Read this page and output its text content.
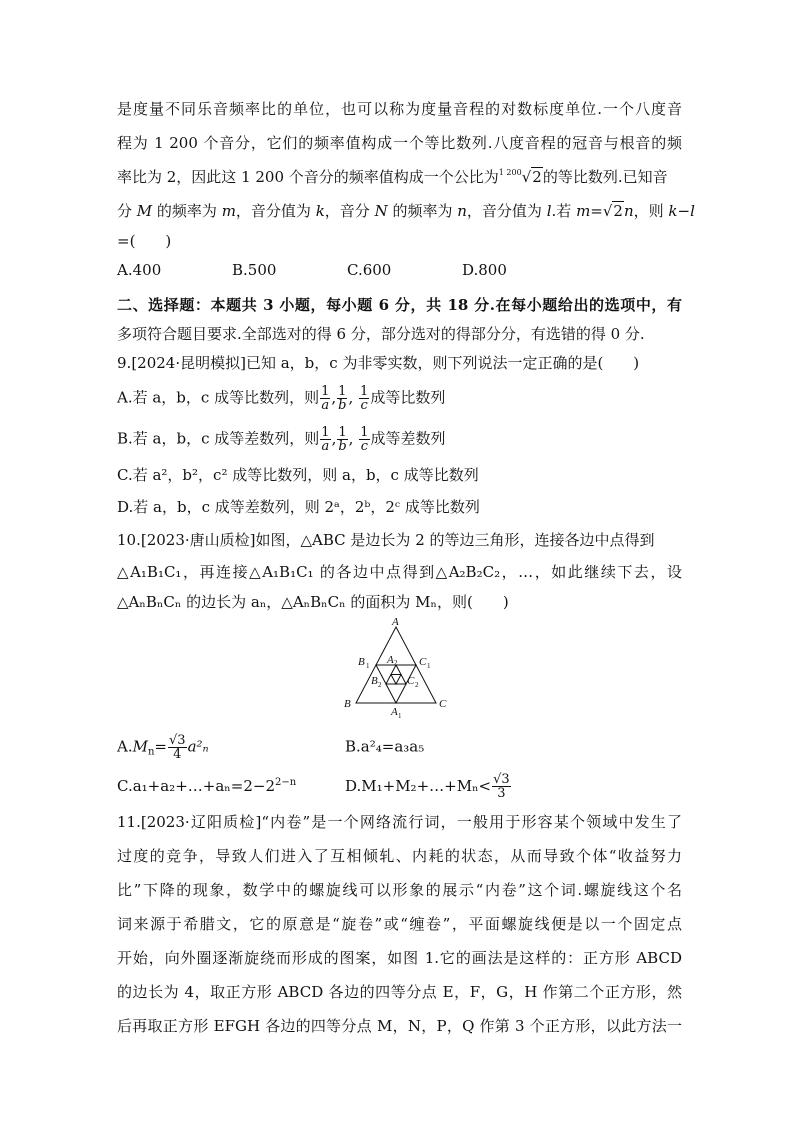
是度量不同乐音频率比的单位，也可以称为度量音程的对数标度单位.一个八度音
程为 1 200 个音分，它们的频率值构成一个等比数列.八度音程的冠音与根音的频
率比为 2，因此这 1 200 个音分的频率值构成一个公比为$^{1 200}$√2的等比数列.已知音
分 M 的频率为 m，音分值为 k，音分 N 的频率为 n，音分值为 l.若 m=√2n，则 k−l
=(　　)
A.400	B.500	C.600	D.800
二、选择题：本题共 3 小题，每小题 6 分，共 18 分.在每小题给出的选项中，有
多项符合题目要求.全部选对的得 6 分，部分选对的得部分分，有选错的得 0 分.
9.[2024·昆明模拟]已知 a，b，c 为非零实数，则下列说法一定正确的是(　　)
A.若 a，b，c 成等比数列，则 $\frac{1}{a}$ , $\frac{1}{b}$ , $\frac{1}{c}$ 成等比数列
B.若 a，b，c 成等差数列，则 $\frac{1}{a}$ , $\frac{1}{b}$ , $\frac{1}{c}$ 成等差数列
C.若 a²，b²，c² 成等比数列，则 a，b，c 成等比数列
D.若 a，b，c 成等差数列，则 2ᵃ，2ᵇ，2ᶜ 成等比数列
10.[2023·唐山质检]如图，△ABC 是边长为 2 的等边三角形，连接各边中点得到
△A₁B₁C₁，再连接△A₁B₁C₁ 的各边中点得到△A₂B₂C₂，…，如此继续下去，设
△AₙBₙCₙ 的边长为 aₙ，△AₙBₙCₙ 的面积为 Mₙ，则(　　)
A
B	C
B 1	C 1
A 1
A 2
B 2 C 2
$A.M_n= \frac{√3}{4} a^2_n$	B.a²₄=a₃a₅
$C.a_1+a_2+\dots+a_n=2-2^{2-n}$	D.M₁+M₂+…+Mₙ< $\frac{√3}{3}$
11.[2023·辽阳质检]“内卷”是一个网络流行词，一般用于形容某个领域中发生了
过度的竞争，导致人们进入了互相倾轧、内耗的状态，从而导致个体“收益努力
比”下降的现象，数学中的螺旋线可以形象的展示“内卷”这个词.螺旋线这个名
词来源于希腊文，它的原意是“旋卷”或“缠卷”，平面螺旋线便是以一个固定点
开始，向外圈逐渐旋绕而形成的图案，如图 1.它的画法是这样的：正方形 ABCD
的边长为 4，取正方形 ABCD 各边的四等分点 E，F，G，H 作第二个正方形，然
后再取正方形 EFGH 各边的四等分点 M，N，P，Q 作第 3 个正方形，以此方法一
